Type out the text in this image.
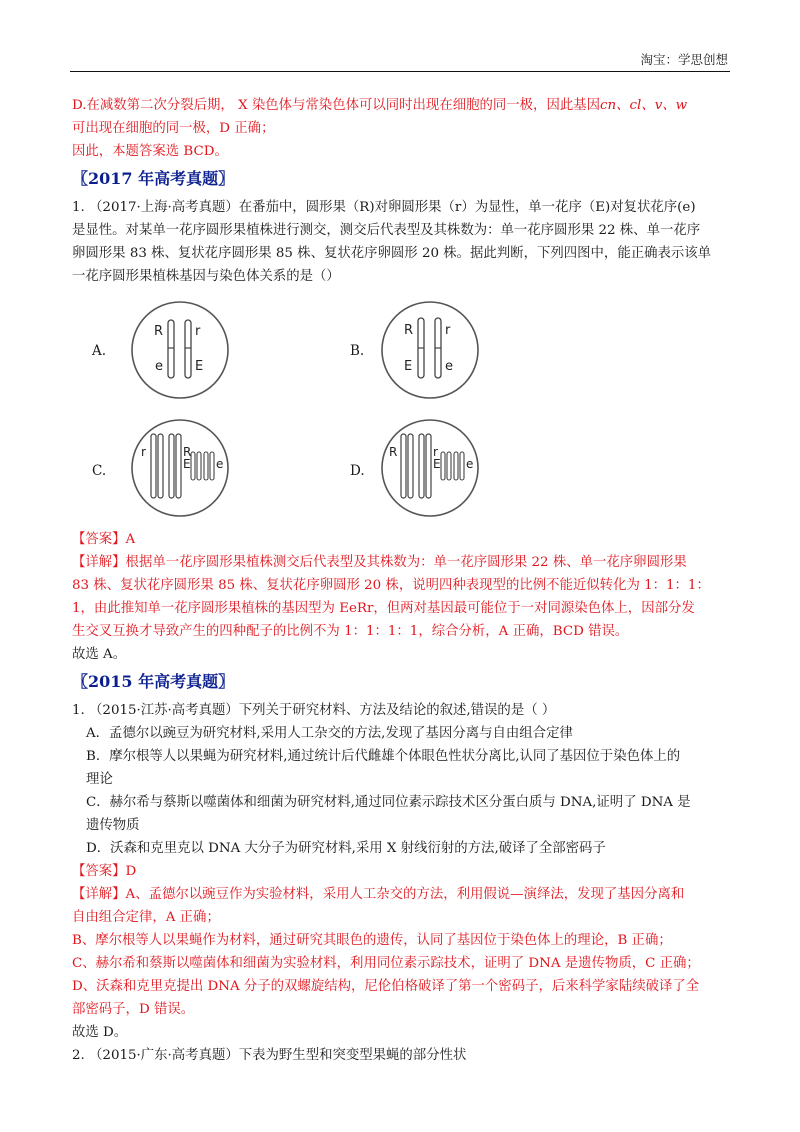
淘宝：学思创想

D.在减数第二次分裂后期， X 染色体与常染色体可以同时出现在细胞的同一极，因此基因cn、cl、v、w

可出现在细胞的同一极，D 正确；

因此，本题答案选 BCD。

〖2017 年高考真题〗

1. （2017·上海·高考真题）在番茄中，圆形果（R)对卵圆形果（r）为显性，单一花序（E)对复状花序(e)

是显性。对某单一花序圆形果植株进行测交，测交后代表型及其株数为：单一花序圆形果 22 株、单一花序

卵圆形果 83 株、复状花序圆形果 85 株、复状花序卵圆形 20 株。据此判断，下列四图中，能正确表示该单

一花序圆形果植株基因与染色体关系的是（）

A.
R r
e E
B.
R r
E	e
C.
r	R
E e	D.
R	r
E e

【答案】A

【详解】根据单一花序圆形果植株测交后代表型及其株数为：单一花序圆形果 22 株、单一花序卵圆形果

83 株、复状花序圆形果 85 株、复状花序卵圆形 20 株，说明四种表现型的比例不能近似转化为 1：1：1：

1，由此推知单一花序圆形果植株的基因型为 EeRr，但两对基因最可能位于一对同源染色体上，因部分发

生交叉互换才导致产生的四种配子的比例不为 1：1：1：1，综合分析，A 正确，BCD 错误。

故选 A。

〖2015 年高考真题〗

1. （2015·江苏·高考真题）下列关于研究材料、方法及结论的叙述,错误的是（ ）

A．孟德尔以豌豆为研究材料,采用人工杂交的方法,发现了基因分离与自由组合定律

B．摩尔根等人以果蝇为研究材料,通过统计后代雌雄个体眼色性状分离比,认同了基因位于染色体上的

理论

C．赫尔希与蔡斯以噬菌体和细菌为研究材料,通过同位素示踪技术区分蛋白质与 DNA,证明了 DNA 是

遗传物质

D．沃森和克里克以 DNA 大分子为研究材料,采用 X 射线衍射的方法,破译了全部密码子

【答案】D

【详解】A、孟德尔以豌豆作为实验材料，采用人工杂交的方法，利用假说—演绎法，发现了基因分离和

自由组合定律，A 正确；

B、摩尔根等人以果蝇作为材料，通过研究其眼色的遗传，认同了基因位于染色体上的理论，B 正确；

C、赫尔希和蔡斯以噬菌体和细菌为实验材料，利用同位素示踪技术，证明了 DNA 是遗传物质，C 正确；

D、沃森和克里克提出 DNA 分子的双螺旋结构，尼伦伯格破译了第一个密码子，后来科学家陆续破译了全

部密码子，D 错误。

故选 D。

2. （2015·广东·高考真题）下表为野生型和突变型果蝇的部分性状
